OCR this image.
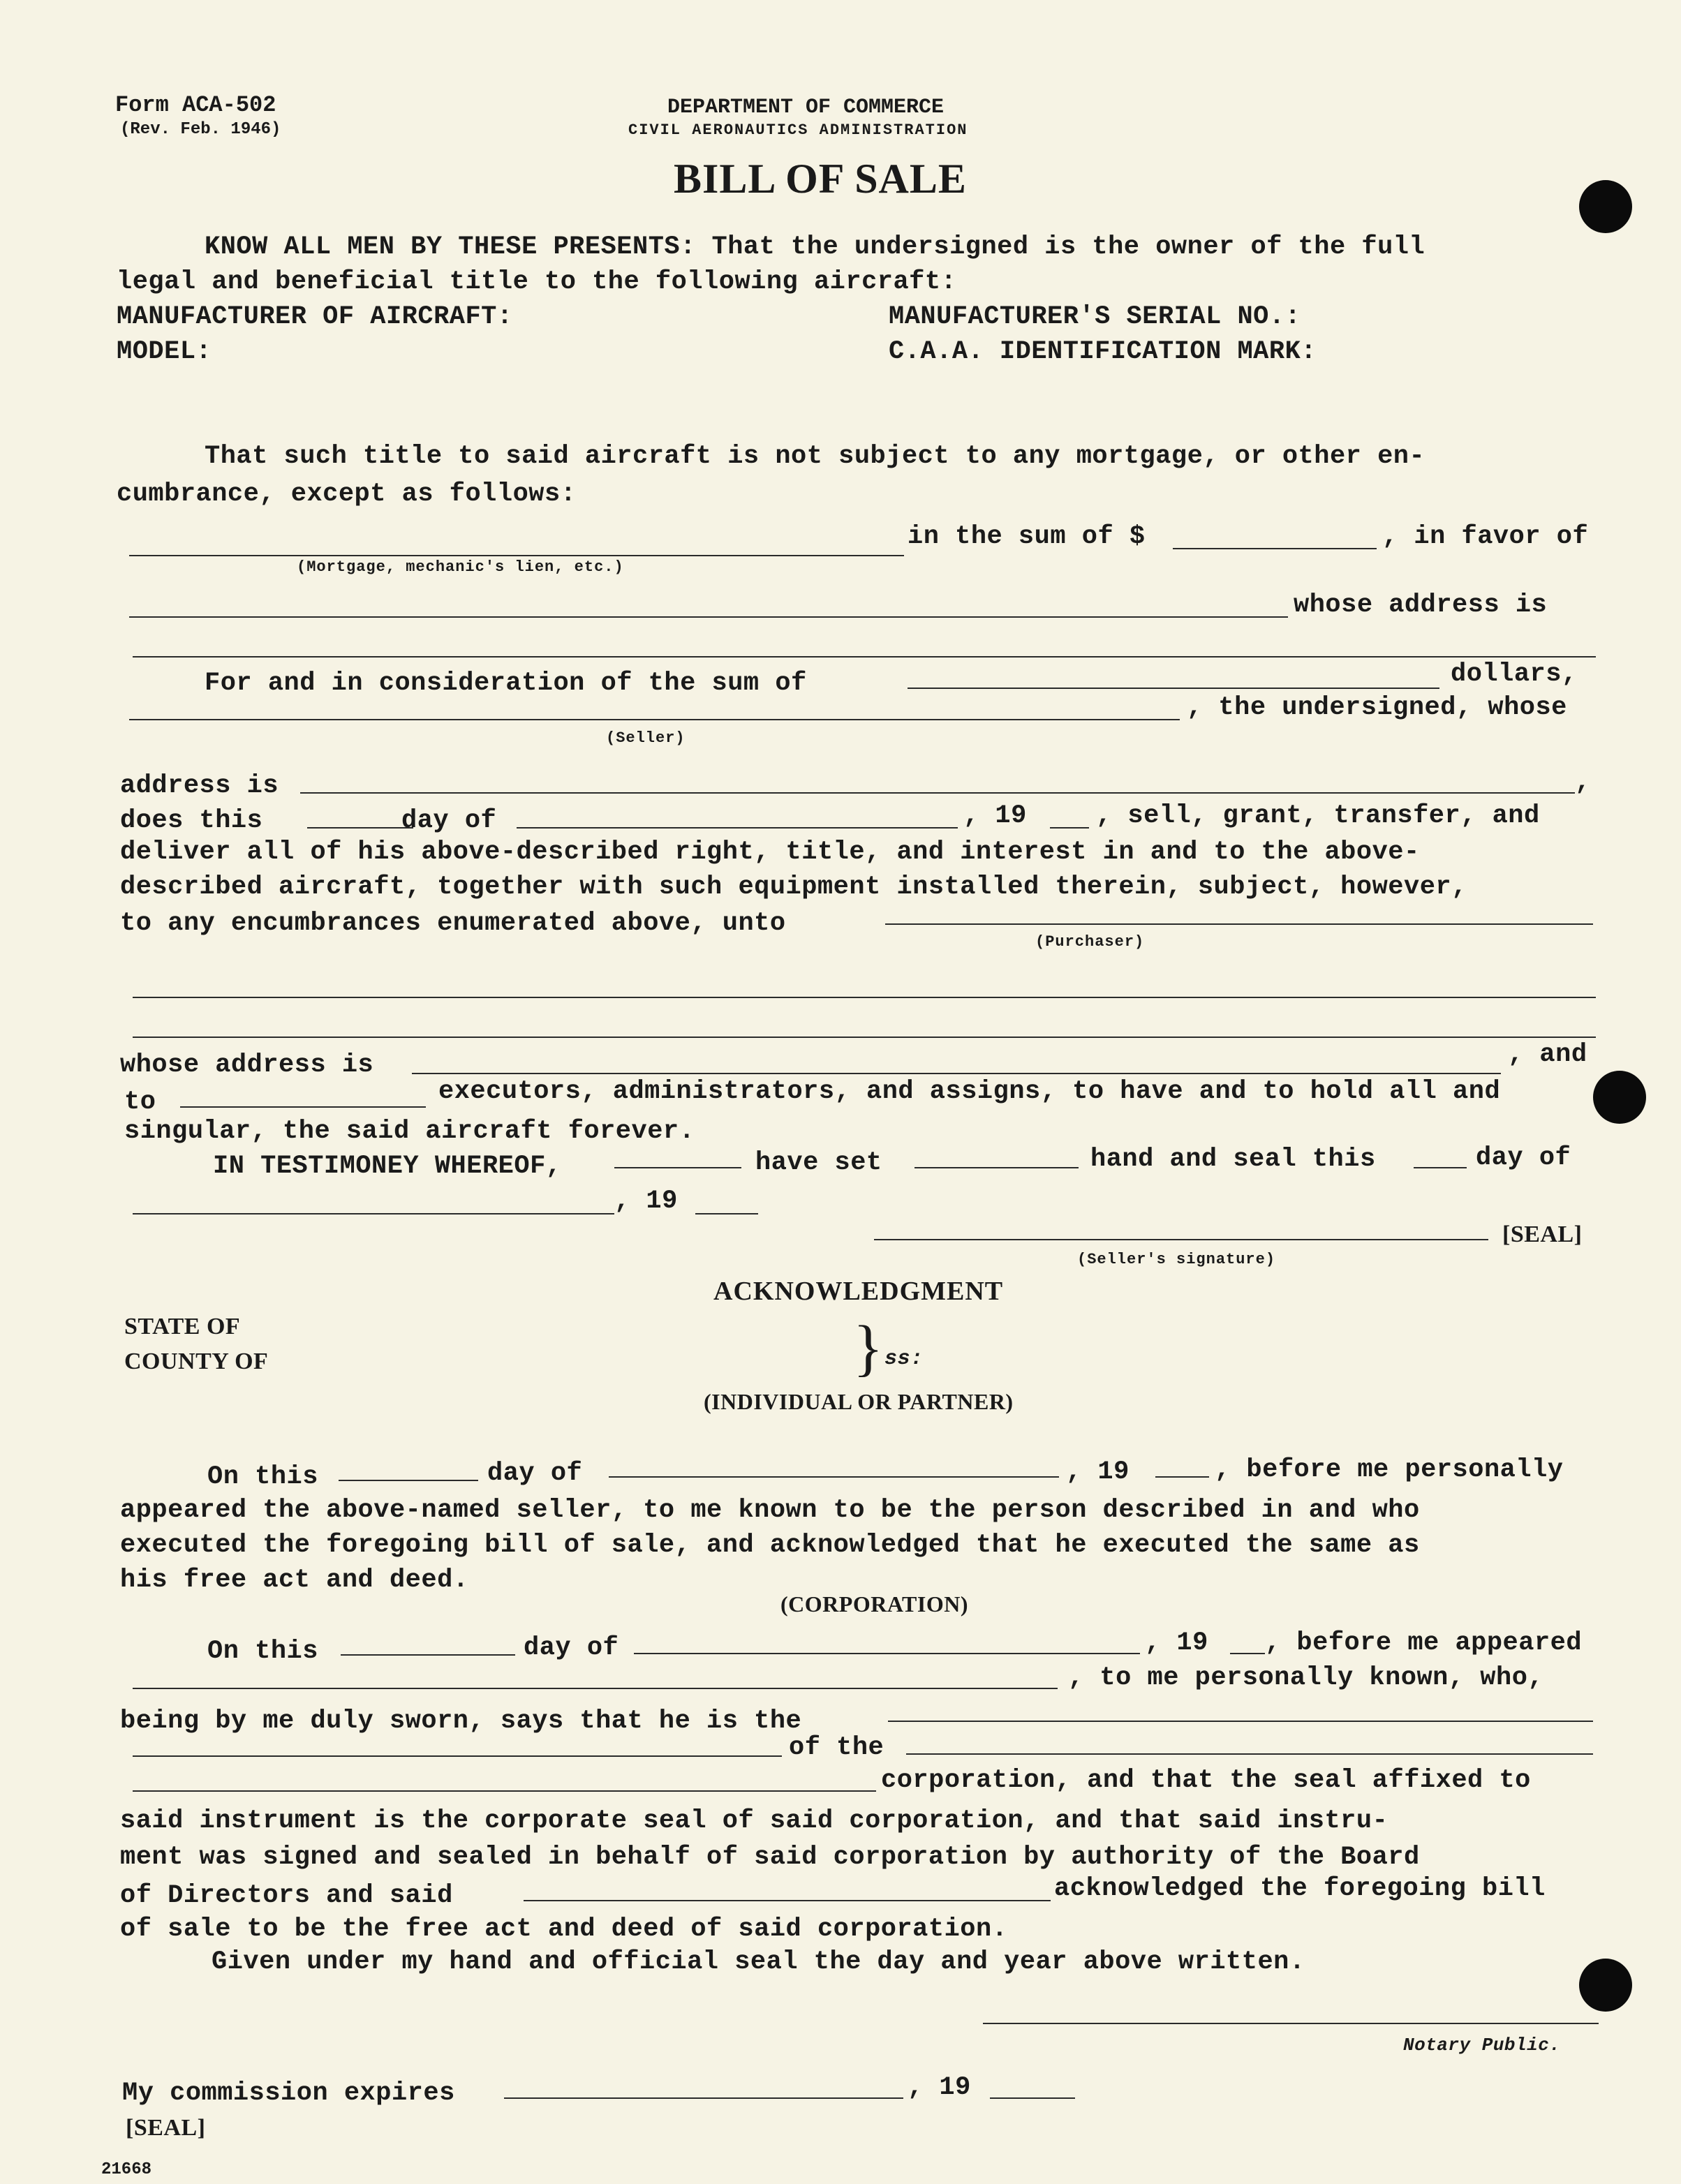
Form ACA-502
(Rev. Feb. 1946)
DEPARTMENT OF COMMERCE
CIVIL AERONAUTICS ADMINISTRATION
BILL OF SALE
KNOW ALL MEN BY THESE PRESENTS: That the undersigned is the owner of the full
legal and beneficial title to the following aircraft:
MANUFACTURER OF AIRCRAFT:	MANUFACTURER'S SERIAL NO.:
MODEL:	C.A.A. IDENTIFICATION MARK:
That such title to said aircraft is not subject to any mortgage, or other en-
cumbrance, except as follows:
in the sum of $	, in favor of
(Mortgage, mechanic's lien, etc.)
whose address is
For and in consideration of the sum of	dollars,
, the undersigned, whose
(Seller)
address is	,
does this	day of	, 19	, sell, grant, transfer, and
deliver all of his above-described right, title, and interest in and to the above-
described aircraft, together with such equipment installed therein, subject, however,
to any encumbrances enumerated above, unto
(Purchaser)
whose address is	, and
to	executors, administrators, and assigns, to have and to hold all and
singular, the said aircraft forever.
IN TESTIMONEY WHEREOF,	have set	hand and seal this	day of
, 19
[SEAL]
(Seller's signature)
ACKNOWLEDGMENT
STATE OF
COUNTY OF	} ss:
(INDIVIDUAL OR PARTNER)
On this	day of	, 19	, before me personally
appeared the above-named seller, to me known to be the person described in and who
executed the foregoing bill of sale, and acknowledged that he executed the same as
his free act and deed.
(CORPORATION)
On this	day of	, 19 , before me appeared
, to me personally known, who,
being by me duly sworn, says that he is the
of the
corporation, and that the seal affixed to
said instrument is the corporate seal of said corporation, and that said instru-
ment was signed and sealed in behalf of said corporation by authority of the Board
of Directors and said	acknowledged the foregoing bill
of sale to be the free act and deed of said corporation.
Given under my hand and official seal the day and year above written.
Notary Public.
My commission expires	, 19
[SEAL]
21668
